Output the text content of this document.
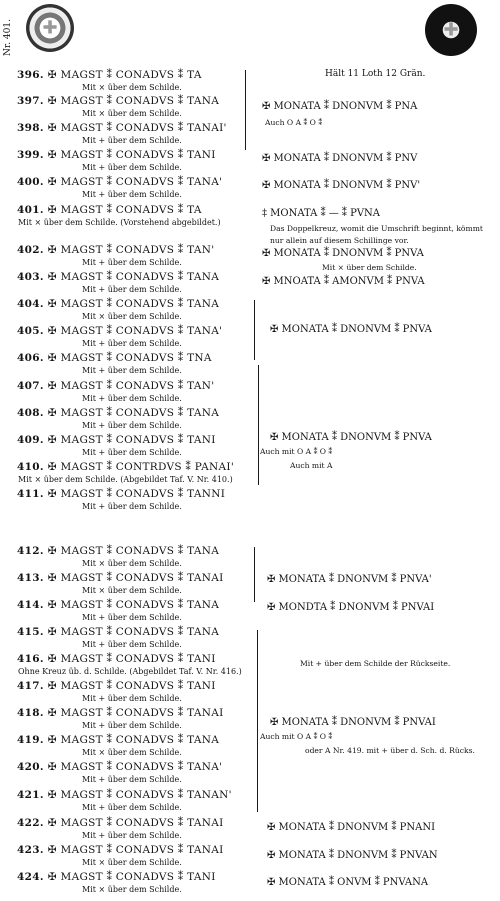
Nr. 401.	✚	✚
Hält 11 Loth 12 Grän.
396. ✠ MAGST ⁑ CONADVS ⁑ TA
Mit × über dem Schilde.
397. ✠ MAGST ⁑ CONADVS ⁑ TANA
Mit × über dem Schilde.
398. ✠ MAGST ⁑ CONADVS ⁑ TANAI'
Mit + über dem Schilde.
399. ✠ MAGST ⁑ CONADVS ⁑ TANI
Mit + über dem Schilde.
400. ✠ MAGST ⁑ CONADVS ⁑ TANA'
Mit + über dem Schilde.
401. ✠ MAGST ⁑ CONADVS ⁑ TA
Mit × über dem Schilde. (Vorstehend abgebildet.)
402. ✠ MAGST ⁑ CONADVS ⁑ TAN'
Mit + über dem Schilde.
403. ✠ MAGST ⁑ CONADVS ⁑ TANA
Mit + über dem Schilde.
404. ✠ MAGST ⁑ CONADVS ⁑ TANA
Mit × über dem Schilde.
405. ✠ MAGST ⁑ CONADVS ⁑ TANA'
Mit + über dem Schilde.
406. ✠ MAGST ⁑ CONADVS ⁑ TNA
Mit + über dem Schilde.
407. ✠ MAGST ⁑ CONADVS ⁑ TAN'
Mit + über dem Schilde.
408. ✠ MAGST ⁑ CONADVS ⁑ TANA
Mit + über dem Schilde.
409. ✠ MAGST ⁑ CONADVS ⁑ TANI
Mit + über dem Schilde.
410. ✠ MAGST ⁑ CONTRDVS ⁑ PANAI'
Mit × über dem Schilde. (Abgebildet Taf. V. Nr. 410.)
411. ✠ MAGST ⁑ CONADVS ⁑ TANNI
Mit + über dem Schilde.
412. ✠ MAGST ⁑ CONADVS ⁑ TANA
Mit × über dem Schilde.
413. ✠ MAGST ⁑ CONADVS ⁑ TANAI
Mit × über dem Schilde.
414. ✠ MAGST ⁑ CONADVS ⁑ TANA
Mit + über dem Schilde.
415. ✠ MAGST ⁑ CONADVS ⁑ TANA
Mit + über dem Schilde.
416. ✠ MAGST ⁑ CONADVS ⁑ TANI
Ohne Kreuz üb. d. Schilde. (Abgebildet Taf. V. Nr. 416.)
417. ✠ MAGST ⁑ CONADVS ⁑ TANI
Mit + über dem Schilde.
418. ✠ MAGST ⁑ CONADVS ⁑ TANAI
Mit + über dem Schilde.
419. ✠ MAGST ⁑ CONADVS ⁑ TANA
Mit × über dem Schilde.
420. ✠ MAGST ⁑ CONADVS ⁑ TANA'
Mit + über dem Schilde.
421. ✠ MAGST ⁑ CONADVS ⁑ TANAN'
Mit + über dem Schilde.
422. ✠ MAGST ⁑ CONADVS ⁑ TANAI
Mit + über dem Schilde.
423. ✠ MAGST ⁑ CONADVS ⁑ TANAI
Mit × über dem Schilde.
424. ✠ MAGST ⁑ CONADVS ⁑ TANI
Mit × über dem Schilde.
✠ MONATA ⁑ DNONVM ⁑ PNA
Auch O A ⁑ O ⁑
✠ MONATA ⁑ DNONVM ⁑ PNV
✠ MONATA ⁑ DNONVM ⁑ PNV'
‡ MONATA ⁑ — ⁑ PVNA
Das Doppelkreuz, womit die Umschrift beginnt, kömmt
nur allein auf diesem Schillinge vor.
✠ MONATA ⁑ DNONVM ⁑ PNVA
Mit × über dem Schilde.
✠ MNOATA ⁑ AMONVM ⁑ PNVA
✠ MONATA ⁑ DNONVM ⁑ PNVA
✠ MONATA ⁑ DNONVM ⁑ PNVA
Auch mit O A ⁑ O ⁑
Auch mit A
✠ MONATA ⁑ DNONVM ⁑ PNVA'
✠ MONDTA ⁑ DNONVM ⁑ PNVAI
Mit + über dem Schilde der Rückseite.
✠ MONATA ⁑ DNONVM ⁑ PNVAI
Auch mit O A ⁑ O ⁑
oder A Nr. 419. mit + über d. Sch. d. Rücks.
✠ MONATA ⁑ DNONVM ⁑ PNANI
✠ MONATA ⁑ DNONVM ⁑ PNVAN
✠ MONATA ⁑ ONVM ⁑ PNVANA
